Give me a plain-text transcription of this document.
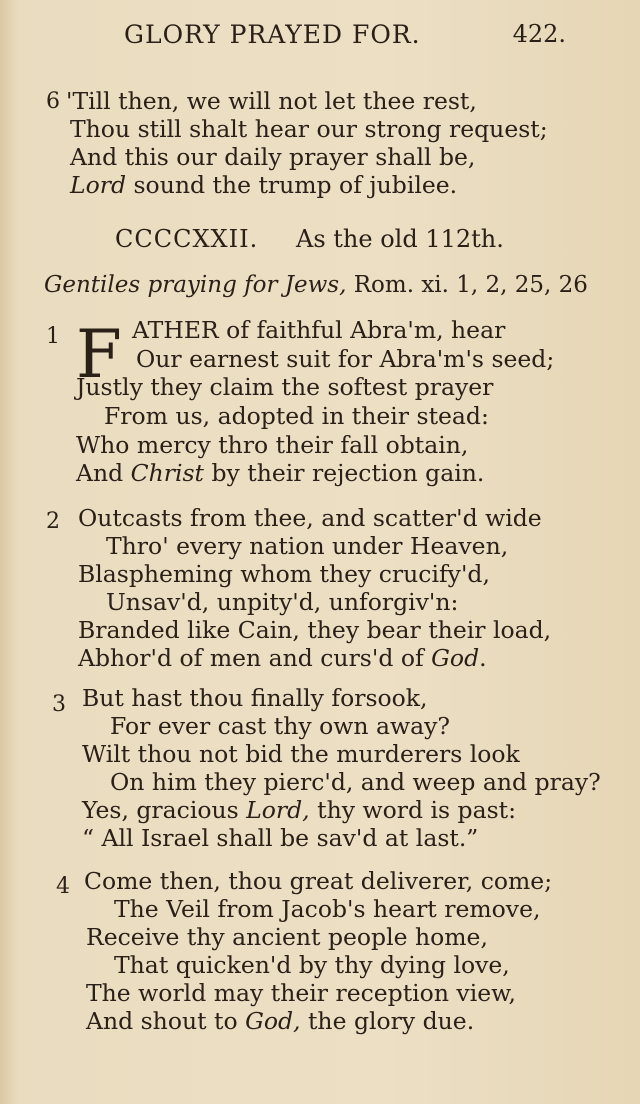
GLORY PRAYED FOR.	422.
6 'Till then, we will not let thee rest,
Thou still shalt hear our strong request;
And this our daily prayer shall be,
Lord sound the trump of jubilee.
CCCCXXII. As the old 112th.
Gentiles praying for Jews, Rom. xi. 1, 2, 25, 26
1 F ATHER of faithful Abra'm, hear
Our earnest suit for Abra'm's seed;
Justly they claim the softest prayer
From us, adopted in their stead:
Who mercy thro their fall obtain,
And Christ by their rejection gain.
2 Outcasts from thee, and scatter'd wide
Thro' every nation under Heaven,
Blaspheming whom they crucify'd,
Unsav'd, unpity'd, unforgiv'n:
Branded like Cain, they bear their load,
Abhor'd of men and curs'd of God.
3 But hast thou finally forsook,
For ever cast thy own away?
Wilt thou not bid the murderers look
On him they pierc'd, and weep and pray?
Yes, gracious Lord, thy word is past:
“ All Israel shall be sav'd at last.”
4 Come then, thou great deliverer, come;
The Veil from Jacob's heart remove,
Receive thy ancient people home,
That quicken'd by thy dying love,
The world may their reception view,
And shout to God, the glory due.
